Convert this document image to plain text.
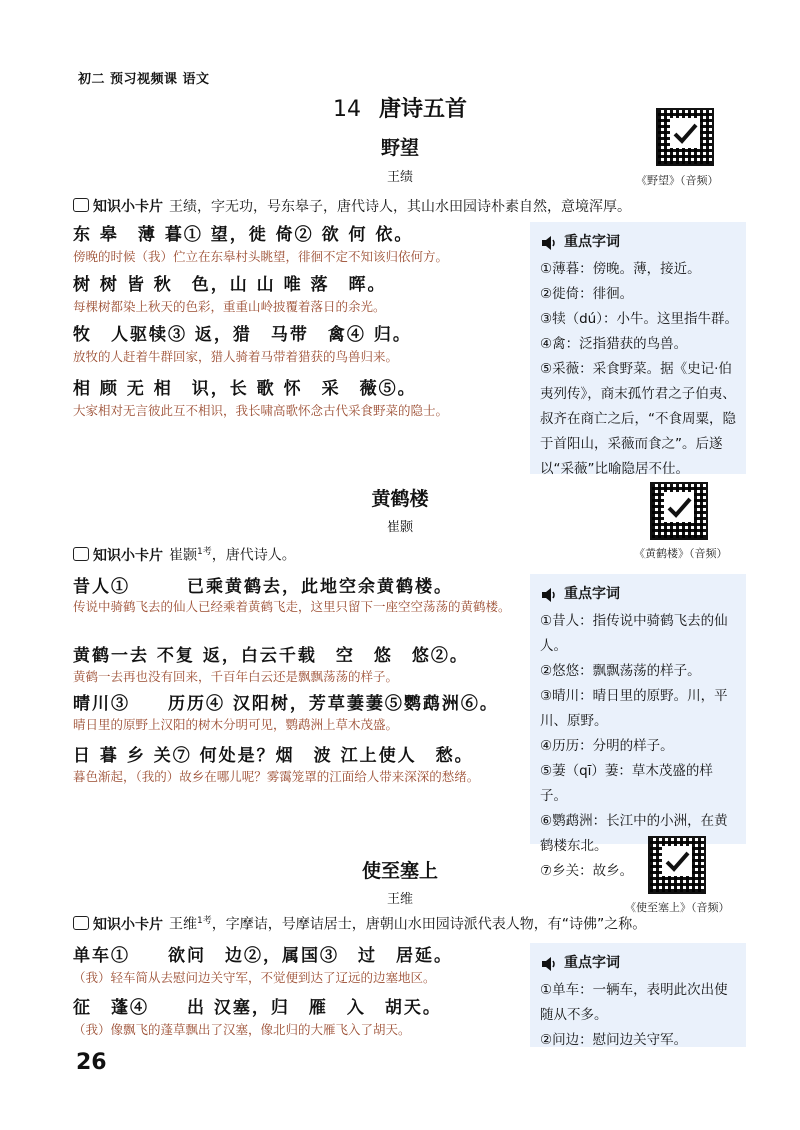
初二 预习视频课 语文
14 唐诗五首
野望
王绩	《野望》（音频）
知识小卡片 王绩，字无功，号东皋子，唐代诗人，其山水田园诗朴素自然，意境浑厚。
东 皋　薄 暮① 望，徙 倚② 欲 何 依。
傍晚的时候（我）伫立在东皋村头眺望，徘徊不定不知该归依何方。
树 树 皆 秋　色，山 山 唯 落　晖。
每棵树都染上秋天的色彩，重重山岭披覆着落日的余光。
牧　人驱犊③ 返，猎　马带　禽④ 归。
放牧的人赶着牛群回家，猎人骑着马带着猎获的鸟兽归来。
相 顾 无 相　识，长 歌 怀　采　薇⑤。
大家相对无言彼此互不相识，我长啸高歌怀念古代采食野菜的隐士。
重点字词
①薄暮：傍晚。薄，接近。
②徙倚：徘徊。
③犊（dú）：小牛。这里指牛群。
④禽：泛指猎获的鸟兽。
⑤采薇：采食野菜。据《史记·伯夷列传》，商末孤竹君之子伯夷、叔齐在商亡之后，“不食周粟，隐于首阳山，采薇而食之”。后遂以“采薇”比喻隐居不仕。
黄鹤楼
崔颢
《黄鹤楼》（音频）
知识小卡片 崔颢$^{1考}$，唐代诗人。
昔人①　　　已乘黄鹤去，此地空余黄鹤楼。
传说中骑鹤飞去的仙人已经乘着黄鹤飞走，这里只留下一座空空荡荡的黄鹤楼。
黄鹤一去 不复 返，白云千载　空　悠　悠②。
黄鹤一去再也没有回来，千百年白云还是飘飘荡荡的样子。
晴川③　　历历④ 汉阳树，芳草萋萋⑤鹦鹉洲⑥。
晴日里的原野上汉阳的树木分明可见，鹦鹉洲上草木茂盛。
日 暮 乡 关⑦ 何处是？烟　波 江上使人　愁。
暮色渐起，（我的）故乡在哪儿呢？雾霭笼罩的江面给人带来深深的愁绪。
重点字词
①昔人：指传说中骑鹤飞去的仙人。
②悠悠：飘飘荡荡的样子。
③晴川：晴日里的原野。川，平川、原野。
④历历：分明的样子。
⑤萋（qī）萋：草木茂盛的样子。
⑥鹦鹉洲：长江中的小洲，在黄鹤楼东北。
⑦乡关：故乡。
使至塞上
王维
《使至塞上》（音频）
知识小卡片 王维$^{1考}$，字摩诘，号摩诘居士，唐朝山水田园诗派代表人物，有“诗佛”之称。
单车①　　欲问　边②，属国③　过　居延。
（我）轻车简从去慰问边关守军，不觉便到达了辽远的边塞地区。
征　蓬④　　出 汉塞，归　雁　入　胡天。
（我）像飘飞的蓬草飘出了汉塞，像北归的大雁飞入了胡天。
重点字词
①单车：一辆车，表明此次出使随从不多。
②问边：慰问边关守军。
26
